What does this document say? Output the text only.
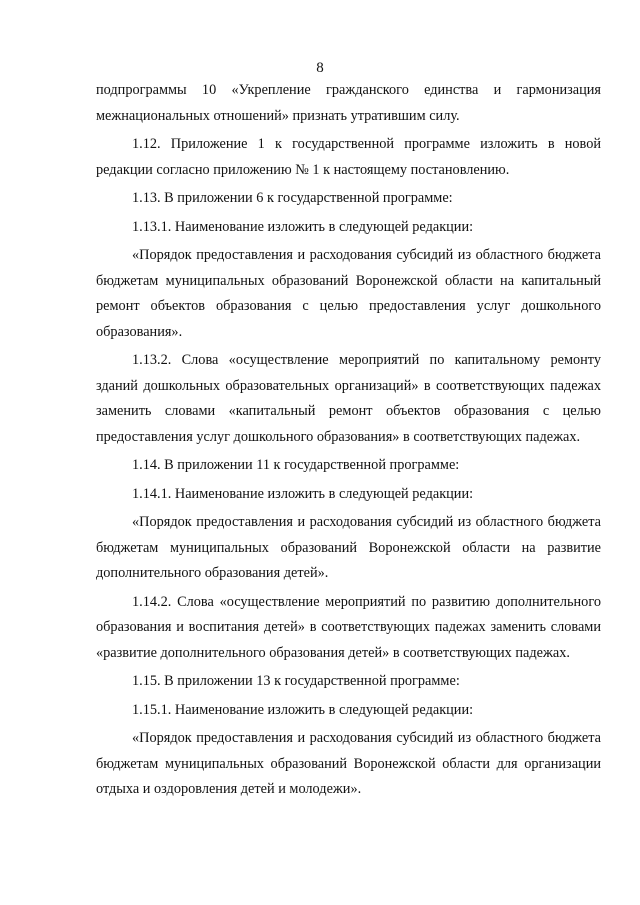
8

подпрограммы 10 «Укрепление гражданского единства и гармонизация межнациональных отношений» признать утратившим силу.

1.12. Приложение 1 к государственной программе изложить в новой редакции согласно приложению № 1 к настоящему постановлению.

1.13. В приложении 6 к государственной программе:

1.13.1. Наименование изложить в следующей редакции:

«Порядок предоставления и расходования субсидий из областного бюджета бюджетам муниципальных образований Воронежской области на капитальный ремонт объектов образования с целью предоставления услуг дошкольного образования».

1.13.2. Слова «осуществление мероприятий по капитальному ремонту зданий дошкольных образовательных организаций» в соответствующих падежах заменить словами «капитальный ремонт объектов образования с целью предоставления услуг дошкольного образования» в соответствующих падежах.

1.14. В приложении 11 к государственной программе:

1.14.1. Наименование изложить в следующей редакции:

«Порядок предоставления и расходования субсидий из областного бюджета бюджетам муниципальных образований Воронежской области на развитие дополнительного образования детей».

1.14.2. Слова «осуществление мероприятий по развитию дополнительного образования и воспитания детей» в соответствующих падежах заменить словами «развитие дополнительного образования детей» в соответствующих падежах.

1.15. В приложении 13 к государственной программе:

1.15.1. Наименование изложить в следующей редакции:

«Порядок предоставления и расходования субсидий из областного бюджета бюджетам муниципальных образований Воронежской области для организации отдыха и оздоровления детей и молодежи».
